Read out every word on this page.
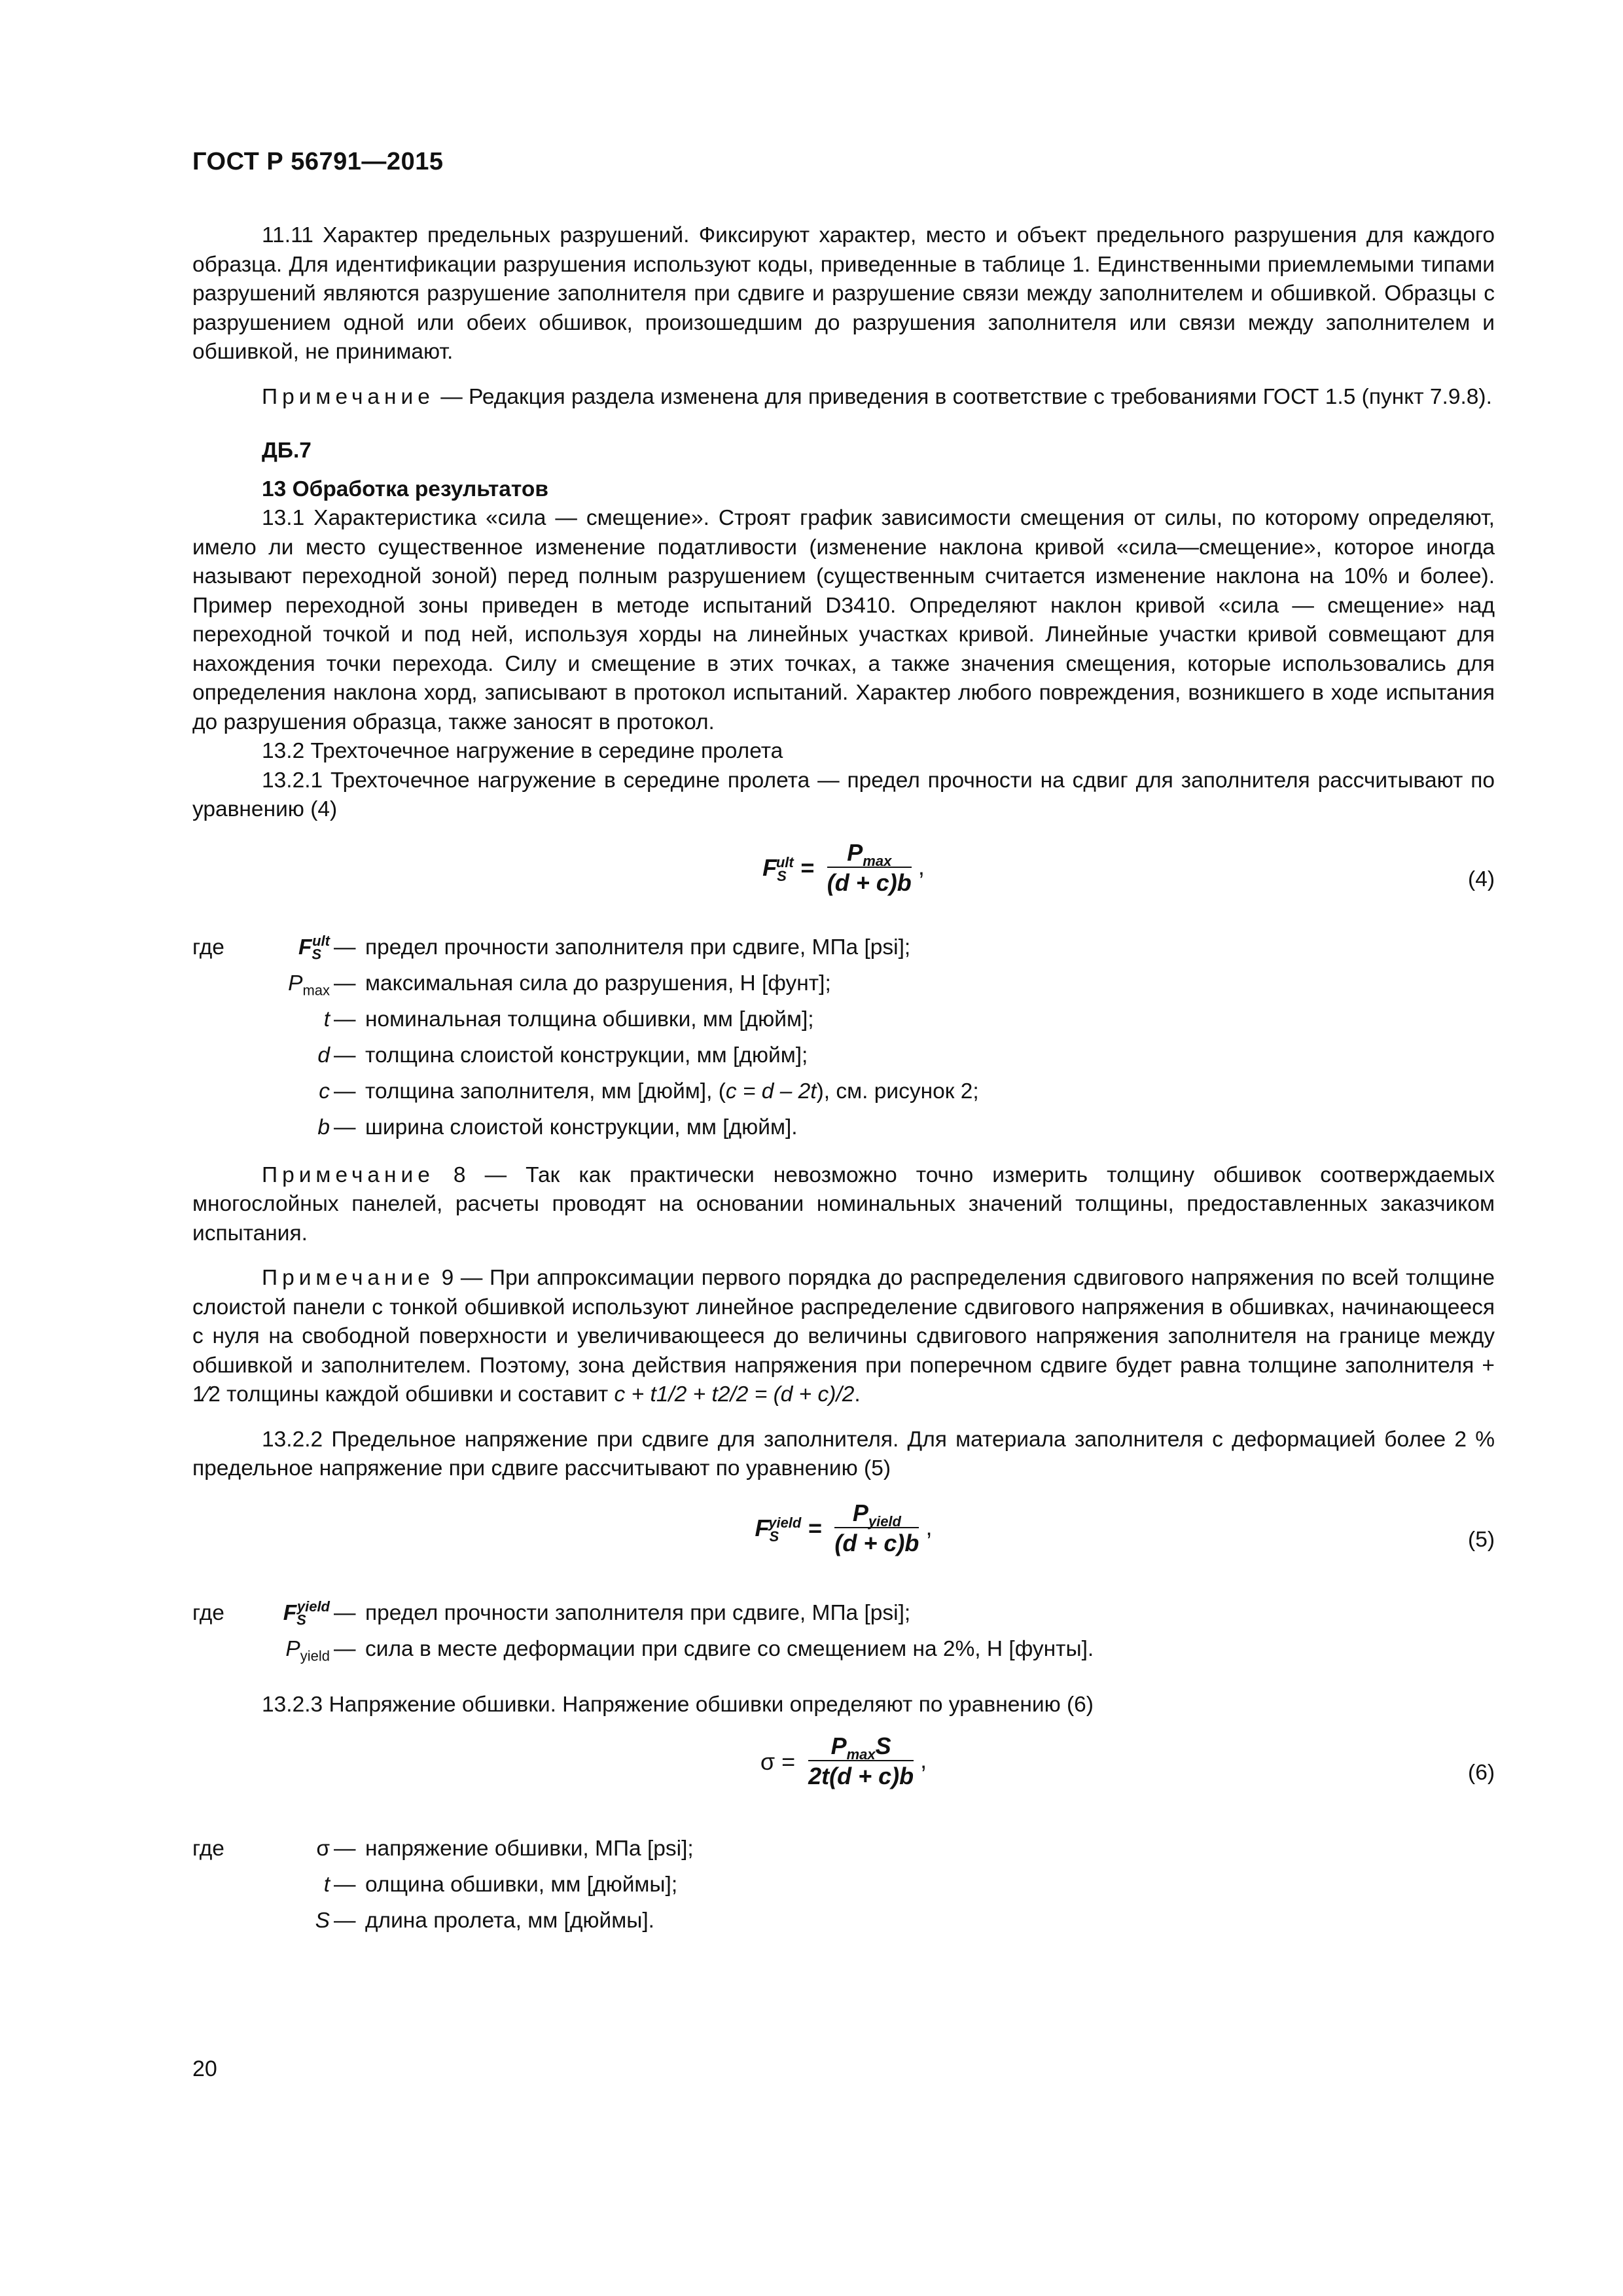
ГОСТ Р 56791—2015

11.11 Характер предельных разрушений. Фиксируют характер, место и объект предельного разрушения для каждого образца. Для идентификации разрушения используют коды, приведенные в таблице 1. Единственными приемлемыми типами разрушений являются разрушение заполнителя при сдвиге и разрушение связи между заполнителем и обшивкой. Образцы с разрушением одной или обеих обшивок, произошедшим до разрушения заполнителя или связи между заполнителем и обшивкой, не принимают.

Примечание — Редакция раздела изменена для приведения в соответствие с требованиями ГОСТ 1.5 (пункт 7.9.8).

ДБ.7

13 Обработка результатов

13.1 Характеристика «сила — смещение». Строят график зависимости смещения от силы, по которому определяют, имело ли место существенное изменение податливости (изменение наклона кривой «сила—смещение», которое иногда называют переходной зоной) перед полным разрушением (существенным считается изменение наклона на 10% и более). Пример переходной зоны приведен в методе испытаний D3410. Определяют наклон кривой «сила — смещение» над переходной точкой и под ней, используя хорды на линейных участках кривой. Линейные участки кривой совмещают для нахождения точки перехода. Силу и смещение в этих точках, а также значения смещения, которые использовались для определения наклона хорд, записывают в протокол испытаний. Характер любого повреждения, возникшего в ходе испытания до разрушения образца, также заносят в протокол.

13.2 Трехточечное нагружение в середине пролета

13.2.1 Трехточечное нагружение в середине пролета — предел прочности на сдвиг для заполнителя рассчитывают по уравнению (4)

$F_S^{ult} = \frac{P_{max}}{(d + c)b}$ ,	(4)
где	$F_S^{ult}$ — предел прочности заполнителя при сдвиге, МПа [psi];
$P_{max}$ — максимальная сила до разрушения, Н [фунт];
t — номинальная толщина обшивки, мм [дюйм];
d — толщина слоистой конструкции, мм [дюйм];
c — толщина заполнителя, мм [дюйм], (c = d – 2t), см. рисунок 2;
b — ширина слоистой конструкции, мм [дюйм].

Примечание 8 — Так как практически невозможно точно измерить толщину обшивок соотверждаемых многослойных панелей, расчеты проводят на основании номинальных значений толщины, предоставленных заказчиком испытания.

Примечание 9 — При аппроксимации первого порядка до распределения сдвигового напряжения по всей толщине слоистой панели с тонкой обшивкой используют линейное распределение сдвигового напряжения в обшивках, начинающееся с нуля на свободной поверхности и увеличивающееся до величины сдвигового напряжения заполнителя на границе между обшивкой и заполнителем. Поэтому, зона действия напряжения при поперечном сдвиге будет равна толщине заполнителя + 1⁄2 толщины каждой обшивки и составит c + t1/2 + t2/2 = (d + c)/2.

13.2.2 Предельное напряжение при сдвиге для заполнителя. Для материала заполнителя с деформацией более 2 % предельное напряжение при сдвиге рассчитывают по уравнению (5)

$F_S^{yield} = \frac{P_{yield}}{(d + c)b}$ ,	(5)
где	$F_S^{yield}$ — предел прочности заполнителя при сдвиге, МПа [psi];
$P_{yield}$ — сила в месте деформации при сдвиге со смещением на 2%, Н [фунты].

13.2.3 Напряжение обшивки. Напряжение обшивки определяют по уравнению (6)

$\sigma = \frac{P_{max}S}{2t(d + c)b}$ ,	(6)
где	σ — напряжение обшивки, МПа [psi];
t — олщина обшивки, мм [дюймы];
S — длина пролета, мм [дюймы].
20
